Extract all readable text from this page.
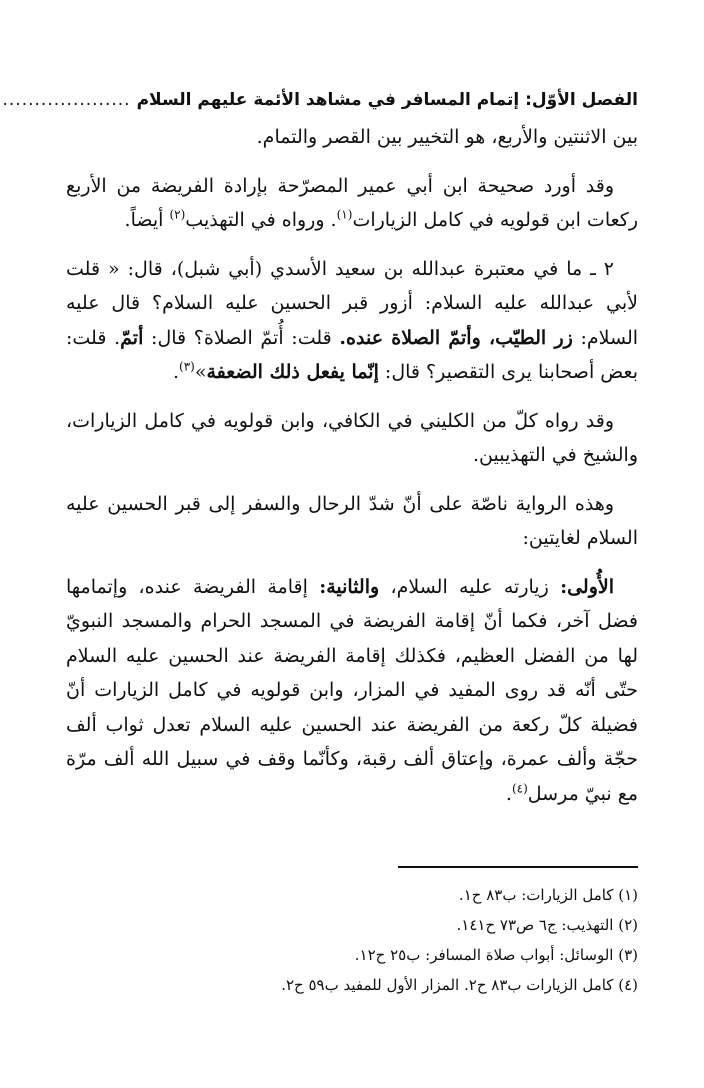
الفصل الأوّل: إتمام المسافر في مشاهد الأئمة عليهم السلام
....................

بين الاثنتين والأربع، هو التخيير بين القصر والتمام.

وقد أورد صحيحة ابن أبي عمير المصرّحة بإرادة الفريضة من الأربع ركعات ابن قولويه في كامل الزيارات$^{(١)}$. ورواه في التهذيب$^{(٢)}$ أيضاً.

٢ ـ ما في معتبرة عبدالله بن سعيد الأسدي (أبي شبل)، قال: « قلت لأبي عبدالله عليه السلام: أزور قبر الحسين عليه السلام؟ قال عليه السلام: زر الطيّب، وأتمّ الصلاة عنده. قلت: أُتمّ الصلاة؟ قال: أتمّ. قلت: بعض أصحابنا يرى التقصير؟ قال: إنّما يفعل ذلك الضعفة»$^{(٣)}$.

وقد رواه كلّ من الكليني في الكافي، وابن قولويه في كامل الزيارات، والشيخ في التهذيبين.

وهذه الرواية ناصّة على أنّ شدّ الرحال والسفر إلى قبر الحسين عليه السلام لغايتين:

الأُولى: زيارته عليه السلام، والثانية: إقامة الفريضة عنده، وإتمامها فضل آخر، فكما أنّ إقامة الفريضة في المسجد الحرام والمسجد النبويّ لها من الفضل العظيم، فكذلك إقامة الفريضة عند الحسين عليه السلام حتّى أنّه قد روى المفيد في المزار، وابن قولويه في كامل الزيارات أنّ فضيلة كلّ ركعة من الفريضة عند الحسين عليه السلام تعدل ثواب ألف حجّة وألف عمرة، وإعتاق ألف رقبة، وكأنّما وقف في سبيل الله ألف مرّة مع نبيّ مرسل$^{(٤)}$.

(١) كامل الزيارات: ب٨٣ ح١.

(٢) التهذيب: ج٦ ص٧٣ ح١٤١.

(٣) الوسائل: أبواب صلاة المسافر: ب٢٥ ح١٢.

(٤) كامل الزيارات ب٨٣ ح٢. المزار الأول للمفيد ب٥٩ ح٢.
